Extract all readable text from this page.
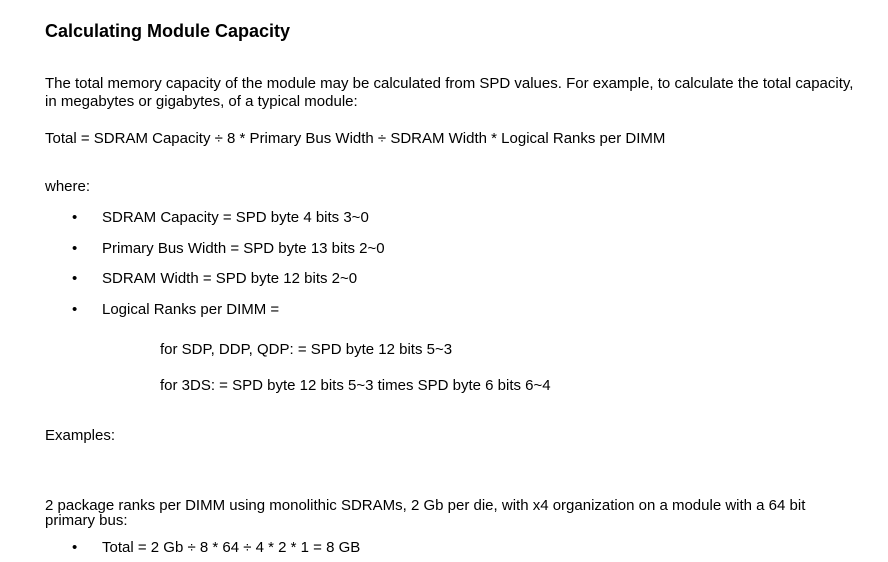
Calculating Module Capacity
The total memory capacity of the module may be calculated from SPD values. For example, to calculate the total capacity, in megabytes or gigabytes, of a typical module:
Total = SDRAM Capacity ÷ 8 * Primary Bus Width ÷ SDRAM Width * Logical Ranks per DIMM
where:
• SDRAM Capacity = SPD byte 4 bits 3~0
• Primary Bus Width = SPD byte 13 bits 2~0
• SDRAM Width = SPD byte 12 bits 2~0
• Logical Ranks per DIMM =
for SDP, DDP, QDP: = SPD byte 12 bits 5~3
for 3DS: = SPD byte 12 bits 5~3 times SPD byte 6 bits 6~4
Examples:
2 package ranks per DIMM using monolithic SDRAMs, 2 Gb per die, with x4 organization on a module with a 64 bit primary bus:
• Total = 2 Gb ÷ 8 * 64 ÷ 4 * 2 * 1 = 8 GB
